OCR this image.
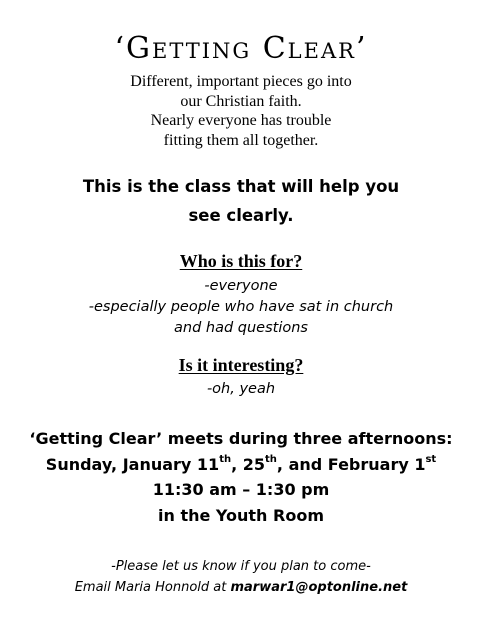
‘Getting Clear’
Different, important pieces go into
our Christian faith.
Nearly everyone has trouble
fitting them all together.
This is the class that will help you
see clearly.
Who is this for?
-everyone
-especially people who have sat in church
and had questions
Is it interesting?
-oh, yeah
‘Getting Clear’ meets during three afternoons:
Sunday, January 11th, 25th, and February 1st
11:30 am – 1:30 pm
in the Youth Room
-Please let us know if you plan to come-
Email Maria Honnold at marwar1@optonline.net
